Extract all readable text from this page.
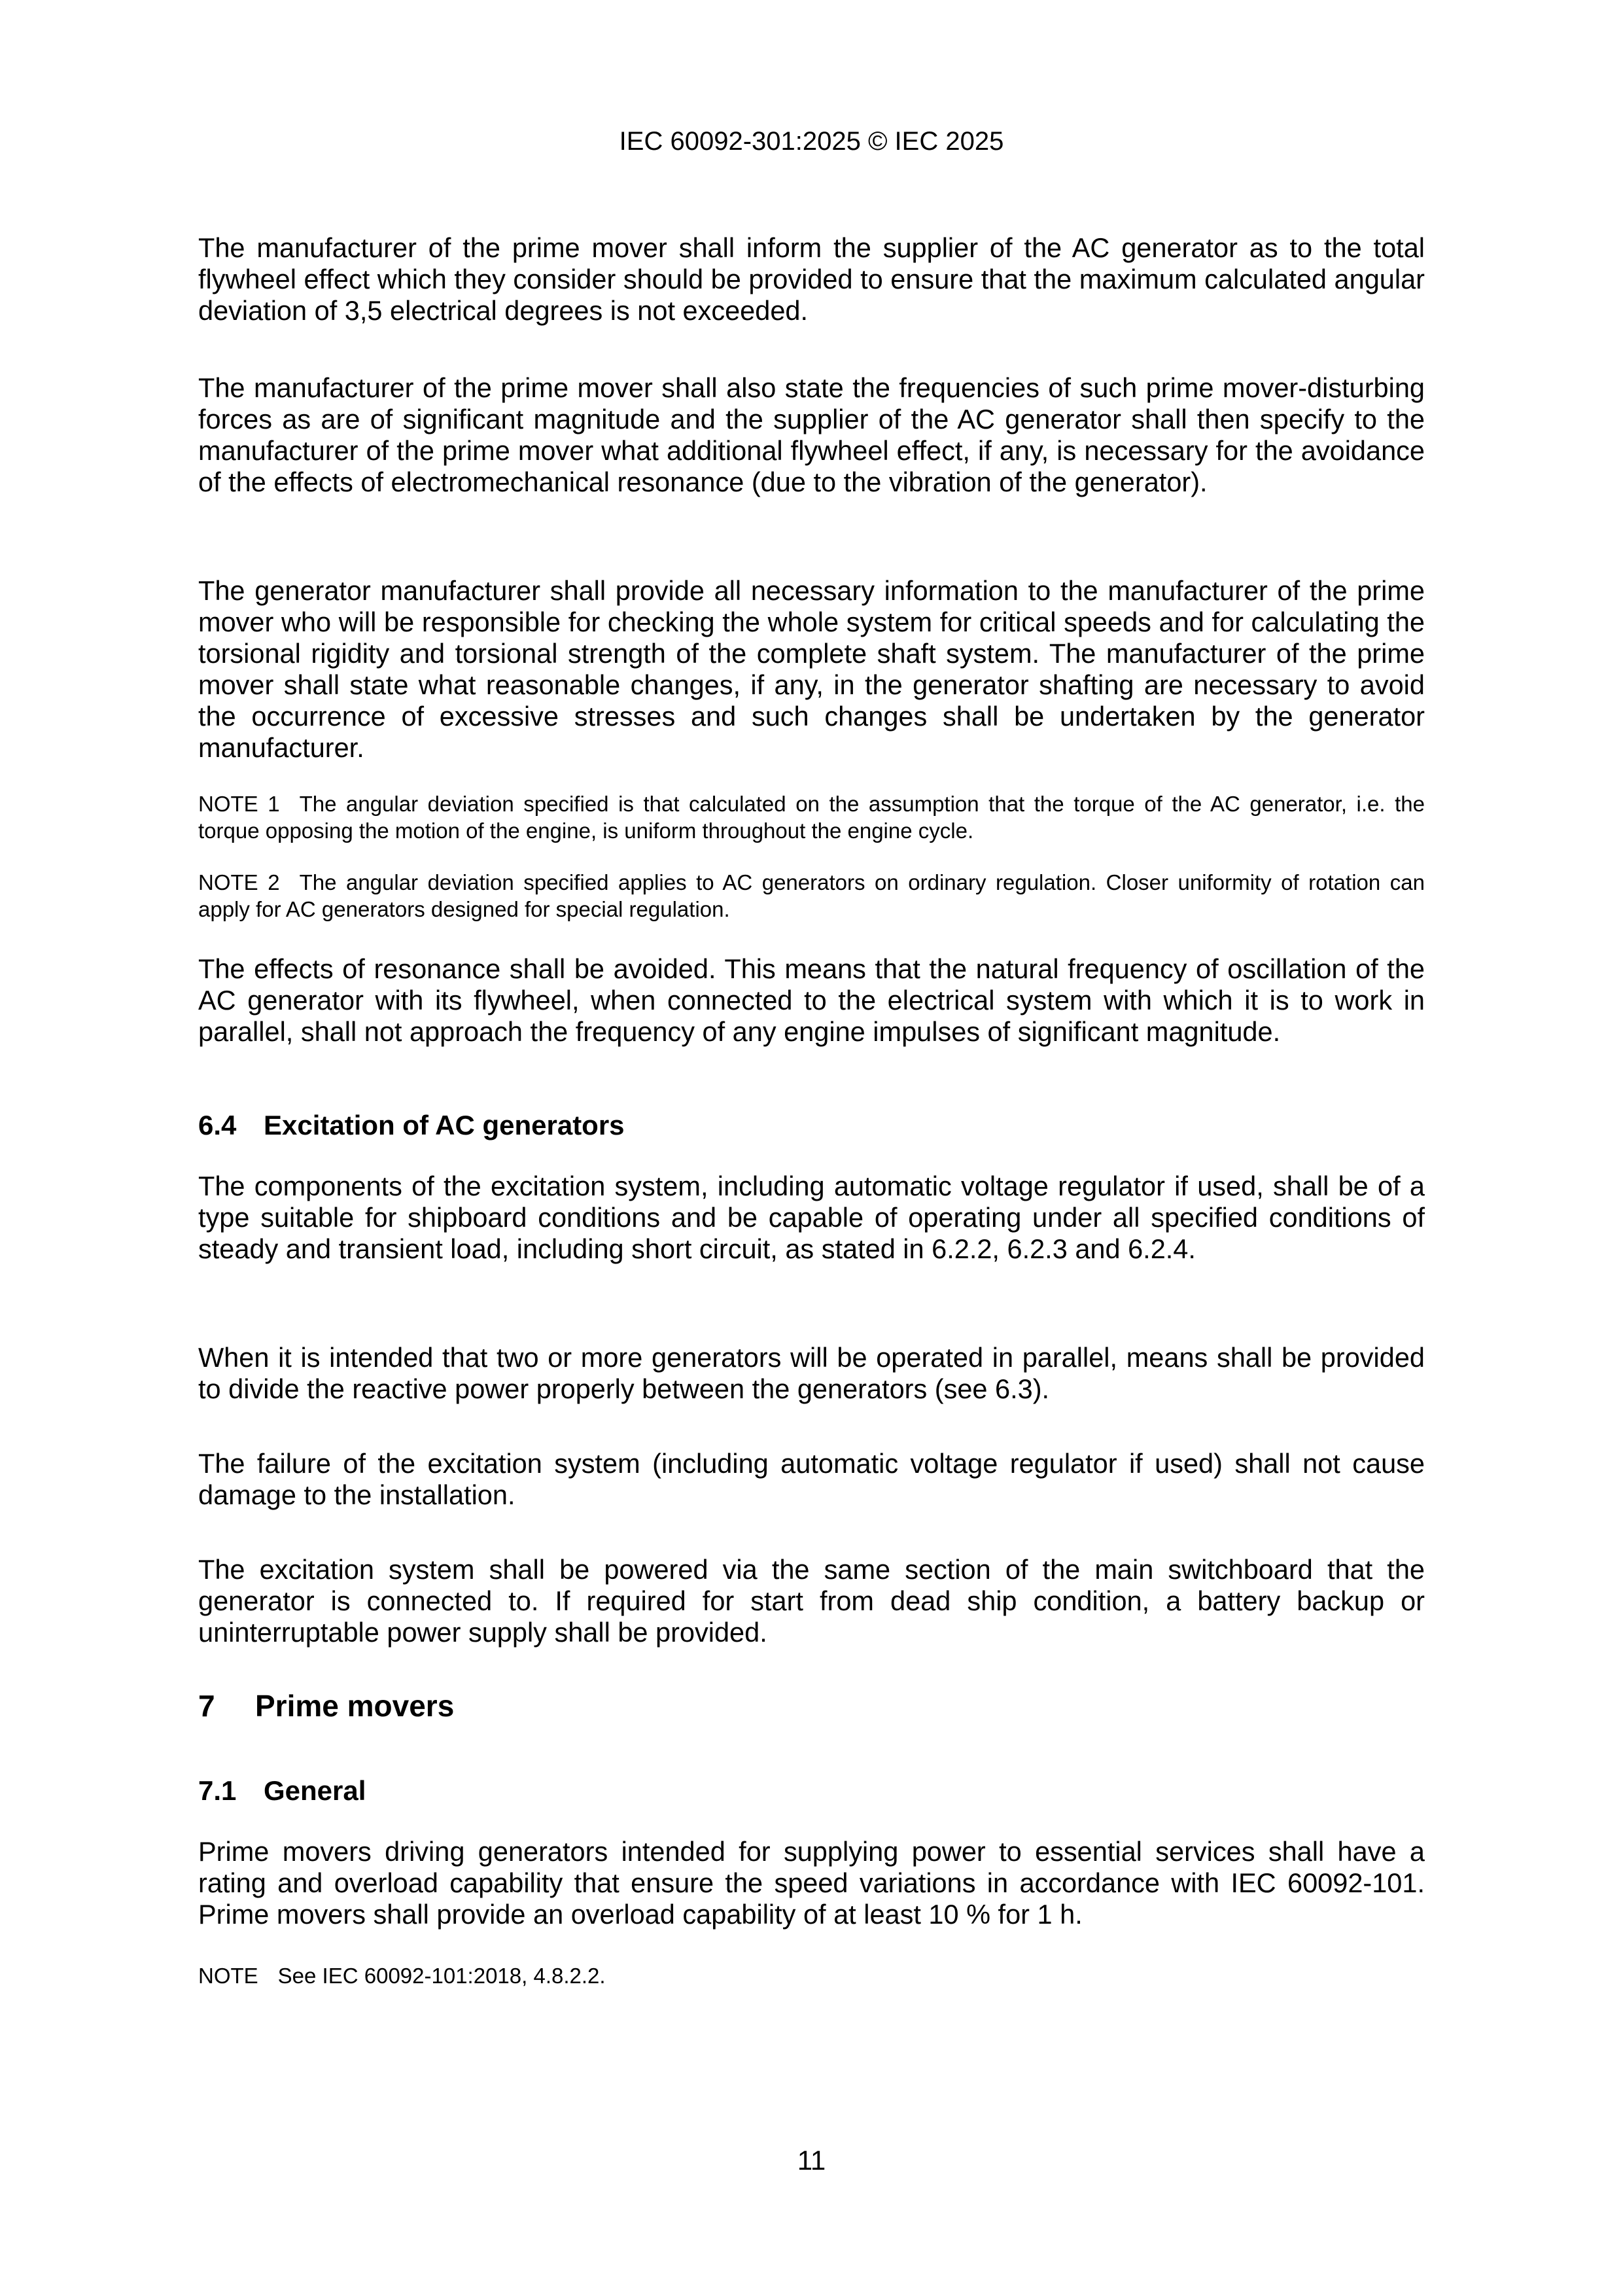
IEC 60092-301:2025 © IEC 2025

The manufacturer of the prime mover shall inform the supplier of the AC generator as to the total flywheel effect which they consider should be provided to ensure that the maximum calculated angular deviation of 3,5 electrical degrees is not exceeded.

The manufacturer of the prime mover shall also state the frequencies of such prime mover-disturbing forces as are of significant magnitude and the supplier of the AC generator shall then specify to the manufacturer of the prime mover what additional flywheel effect, if any, is necessary for the avoidance of the effects of electromechanical resonance (due to the vibration of the generator).

The generator manufacturer shall provide all necessary information to the manufacturer of the prime mover who will be responsible for checking the whole system for critical speeds and for calculating the torsional rigidity and torsional strength of the complete shaft system. The manufacturer of the prime mover shall state what reasonable changes, if any, in the generator shafting are necessary to avoid the occurrence of excessive stresses and such changes shall be undertaken by the generator manufacturer.

NOTE 1 The angular deviation specified is that calculated on the assumption that the torque of the AC generator, i.e. the torque opposing the motion of the engine, is uniform throughout the engine cycle.

NOTE 2 The angular deviation specified applies to AC generators on ordinary regulation. Closer uniformity of rotation can apply for AC generators designed for special regulation.

The effects of resonance shall be avoided. This means that the natural frequency of oscillation of the AC generator with its flywheel, when connected to the electrical system with which it is to work in parallel, shall not approach the frequency of any engine impulses of significant magnitude.

6.4 Excitation of AC generators

The components of the excitation system, including automatic voltage regulator if used, shall be of a type suitable for shipboard conditions and be capable of operating under all specified conditions of steady and transient load, including short circuit, as stated in 6.2.2, 6.2.3 and 6.2.4.

When it is intended that two or more generators will be operated in parallel, means shall be provided to divide the reactive power properly between the generators (see 6.3).

The failure of the excitation system (including automatic voltage regulator if used) shall not cause damage to the installation.

The excitation system shall be powered via the same section of the main switchboard that the generator is connected to. If required for start from dead ship condition, a battery backup or uninterruptable power supply shall be provided.

7 Prime movers
7.1 General

Prime movers driving generators intended for supplying power to essential services shall have a rating and overload capability that ensure the speed variations in accordance with IEC 60092-101. Prime movers shall provide an overload capability of at least 10 % for 1 h.

NOTE See IEC 60092-101:2018, 4.8.2.2.

11
